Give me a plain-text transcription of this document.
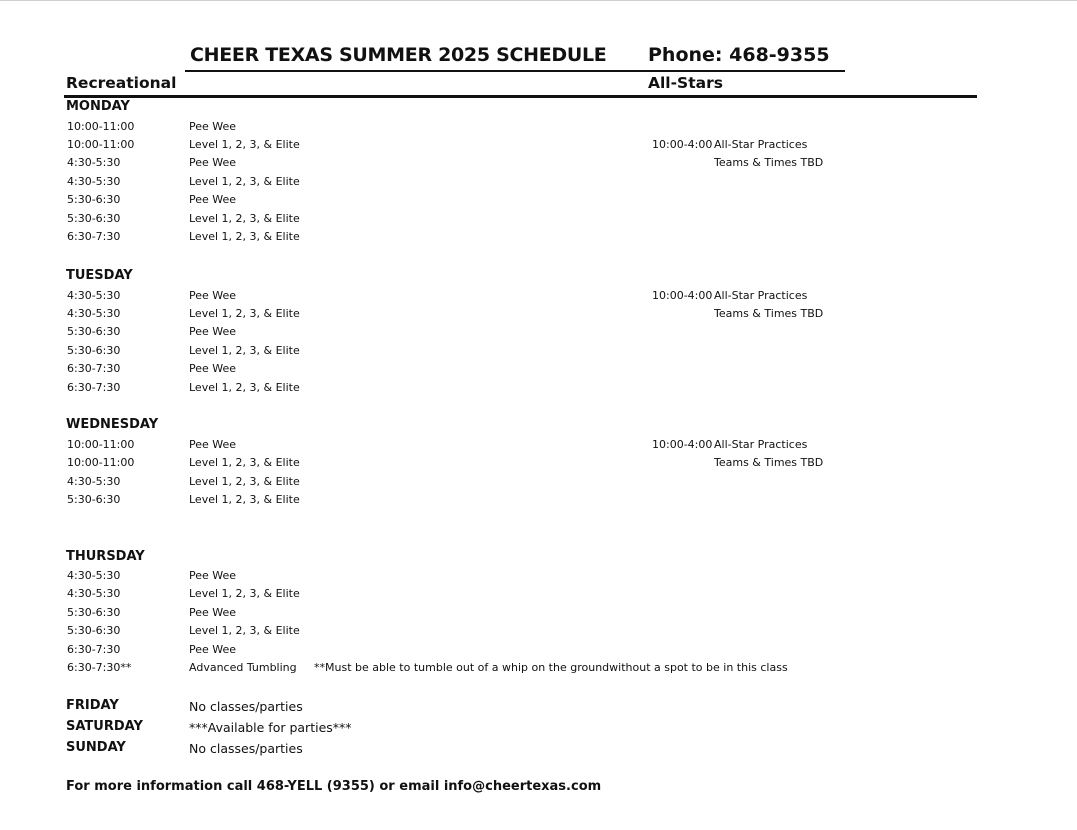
CHEER TEXAS SUMMER 2025 SCHEDULE Phone: 468-9355
Recreational	All-Stars
MONDAY
10:00-11:00	Pee Wee
10:00-11:00	Level 1, 2, 3, & Elite
4:30-5:30	Pee Wee
4:30-5:30	Level 1, 2, 3, & Elite
5:30-6:30	Pee Wee
5:30-6:30	Level 1, 2, 3, & Elite
6:30-7:30	Level 1, 2, 3, & Elite
10:00-4:00 All-Star Practices
Teams & Times TBD
TUESDAY
4:30-5:30	Pee Wee
4:30-5:30	Level 1, 2, 3, & Elite
5:30-6:30	Pee Wee
5:30-6:30	Level 1, 2, 3, & Elite
6:30-7:30	Pee Wee
6:30-7:30	Level 1, 2, 3, & Elite
10:00-4:00 All-Star Practices
Teams & Times TBD
WEDNESDAY
10:00-11:00	Pee Wee
10:00-11:00	Level 1, 2, 3, & Elite
4:30-5:30	Level 1, 2, 3, & Elite
5:30-6:30	Level 1, 2, 3, & Elite
10:00-4:00 All-Star Practices
Teams & Times TBD
THURSDAY
4:30-5:30	Pee Wee
4:30-5:30	Level 1, 2, 3, & Elite
5:30-6:30	Pee Wee
5:30-6:30	Level 1, 2, 3, & Elite
6:30-7:30	Pee Wee
6:30-7:30**	Advanced Tumbling **Must be able to tumble out of a whip on the groundwithout a spot to be in this class
FRIDAY	No classes/parties
SATURDAY	***Available for parties***
SUNDAY	No classes/parties
For more information call 468-YELL (9355) or email info@cheertexas.com
